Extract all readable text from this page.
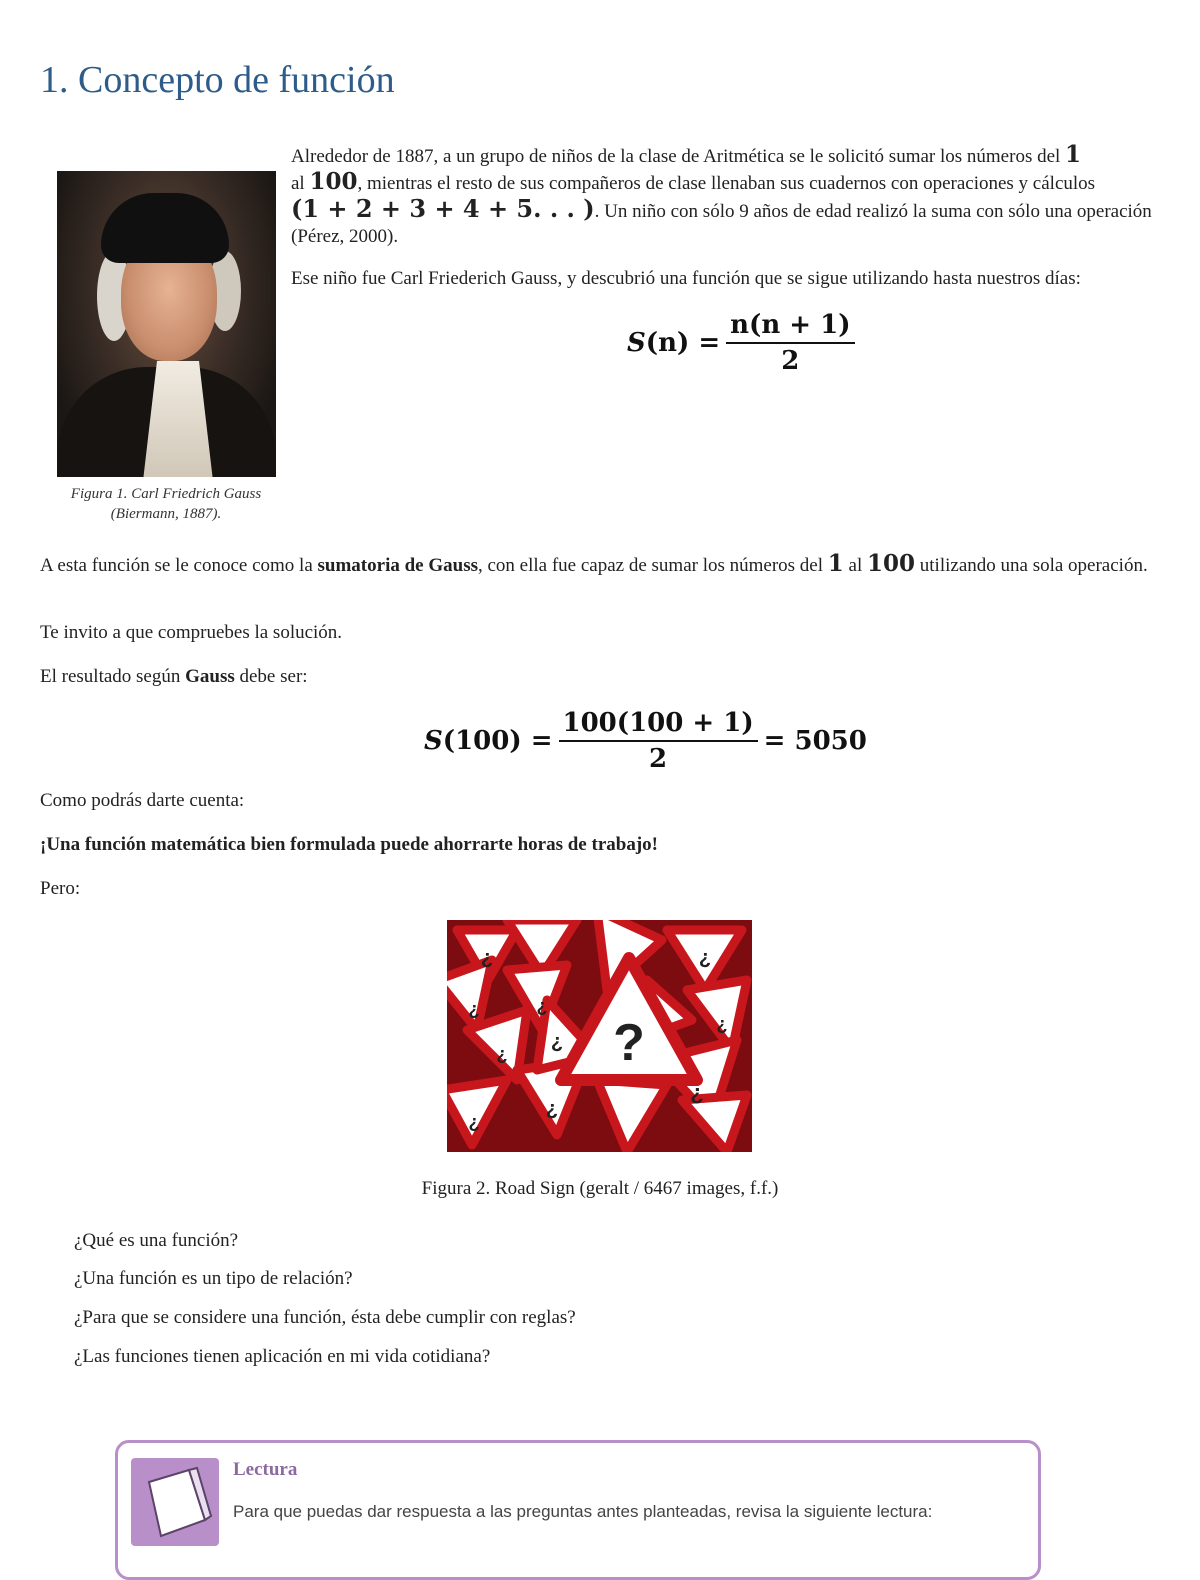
1. Concepto de función

Figura 1. Carl Friedrich Gauss
(Biermann, 1887).

Alrededor de 1887, a un grupo de niños de la clase de Aritmética se le solicitó sumar los números del 1
al 100, mientras el resto de sus compañeros de clase llenaban sus cuadernos con operaciones y cálculos
(1 + 2 + 3 + 4 + 5. . . ). Un niño con sólo 9 años de edad realizó la suma con sólo una operación (Pérez, 2000).

Ese niño fue Carl Friederich Gauss, y descubrió una función que se sigue utilizando hasta nuestros días:

S $(n) = \frac{n(n + 1)}{2}$

A esta función se le conoce como la sumatoria de Gauss, con ella fue capaz de sumar los números del 1 al 100 utilizando una sola operación.

Te invito a que compruebes la solución.

El resultado según Gauss debe ser:

S $(100) = \frac{100(100 + 1)}{2} = 5050$

Como podrás darte cuenta:

¡Una función matemática bien formulada puede ahorrarte horas de trabajo!

Pero:

?
¿	¿
¿	¿
¿
¿
¿
¿
¿
¿

Figura 2. Road Sign (geralt / 6467 images, f.f.)

¿Qué es una función?

¿Una función es un tipo de relación?

¿Para que se considere una función, ésta debe cumplir con reglas?

¿Las funciones tienen aplicación en mi vida cotidiana?

Lectura

Para que puedas dar respuesta a las preguntas antes planteadas, revisa la siguiente lectura:
